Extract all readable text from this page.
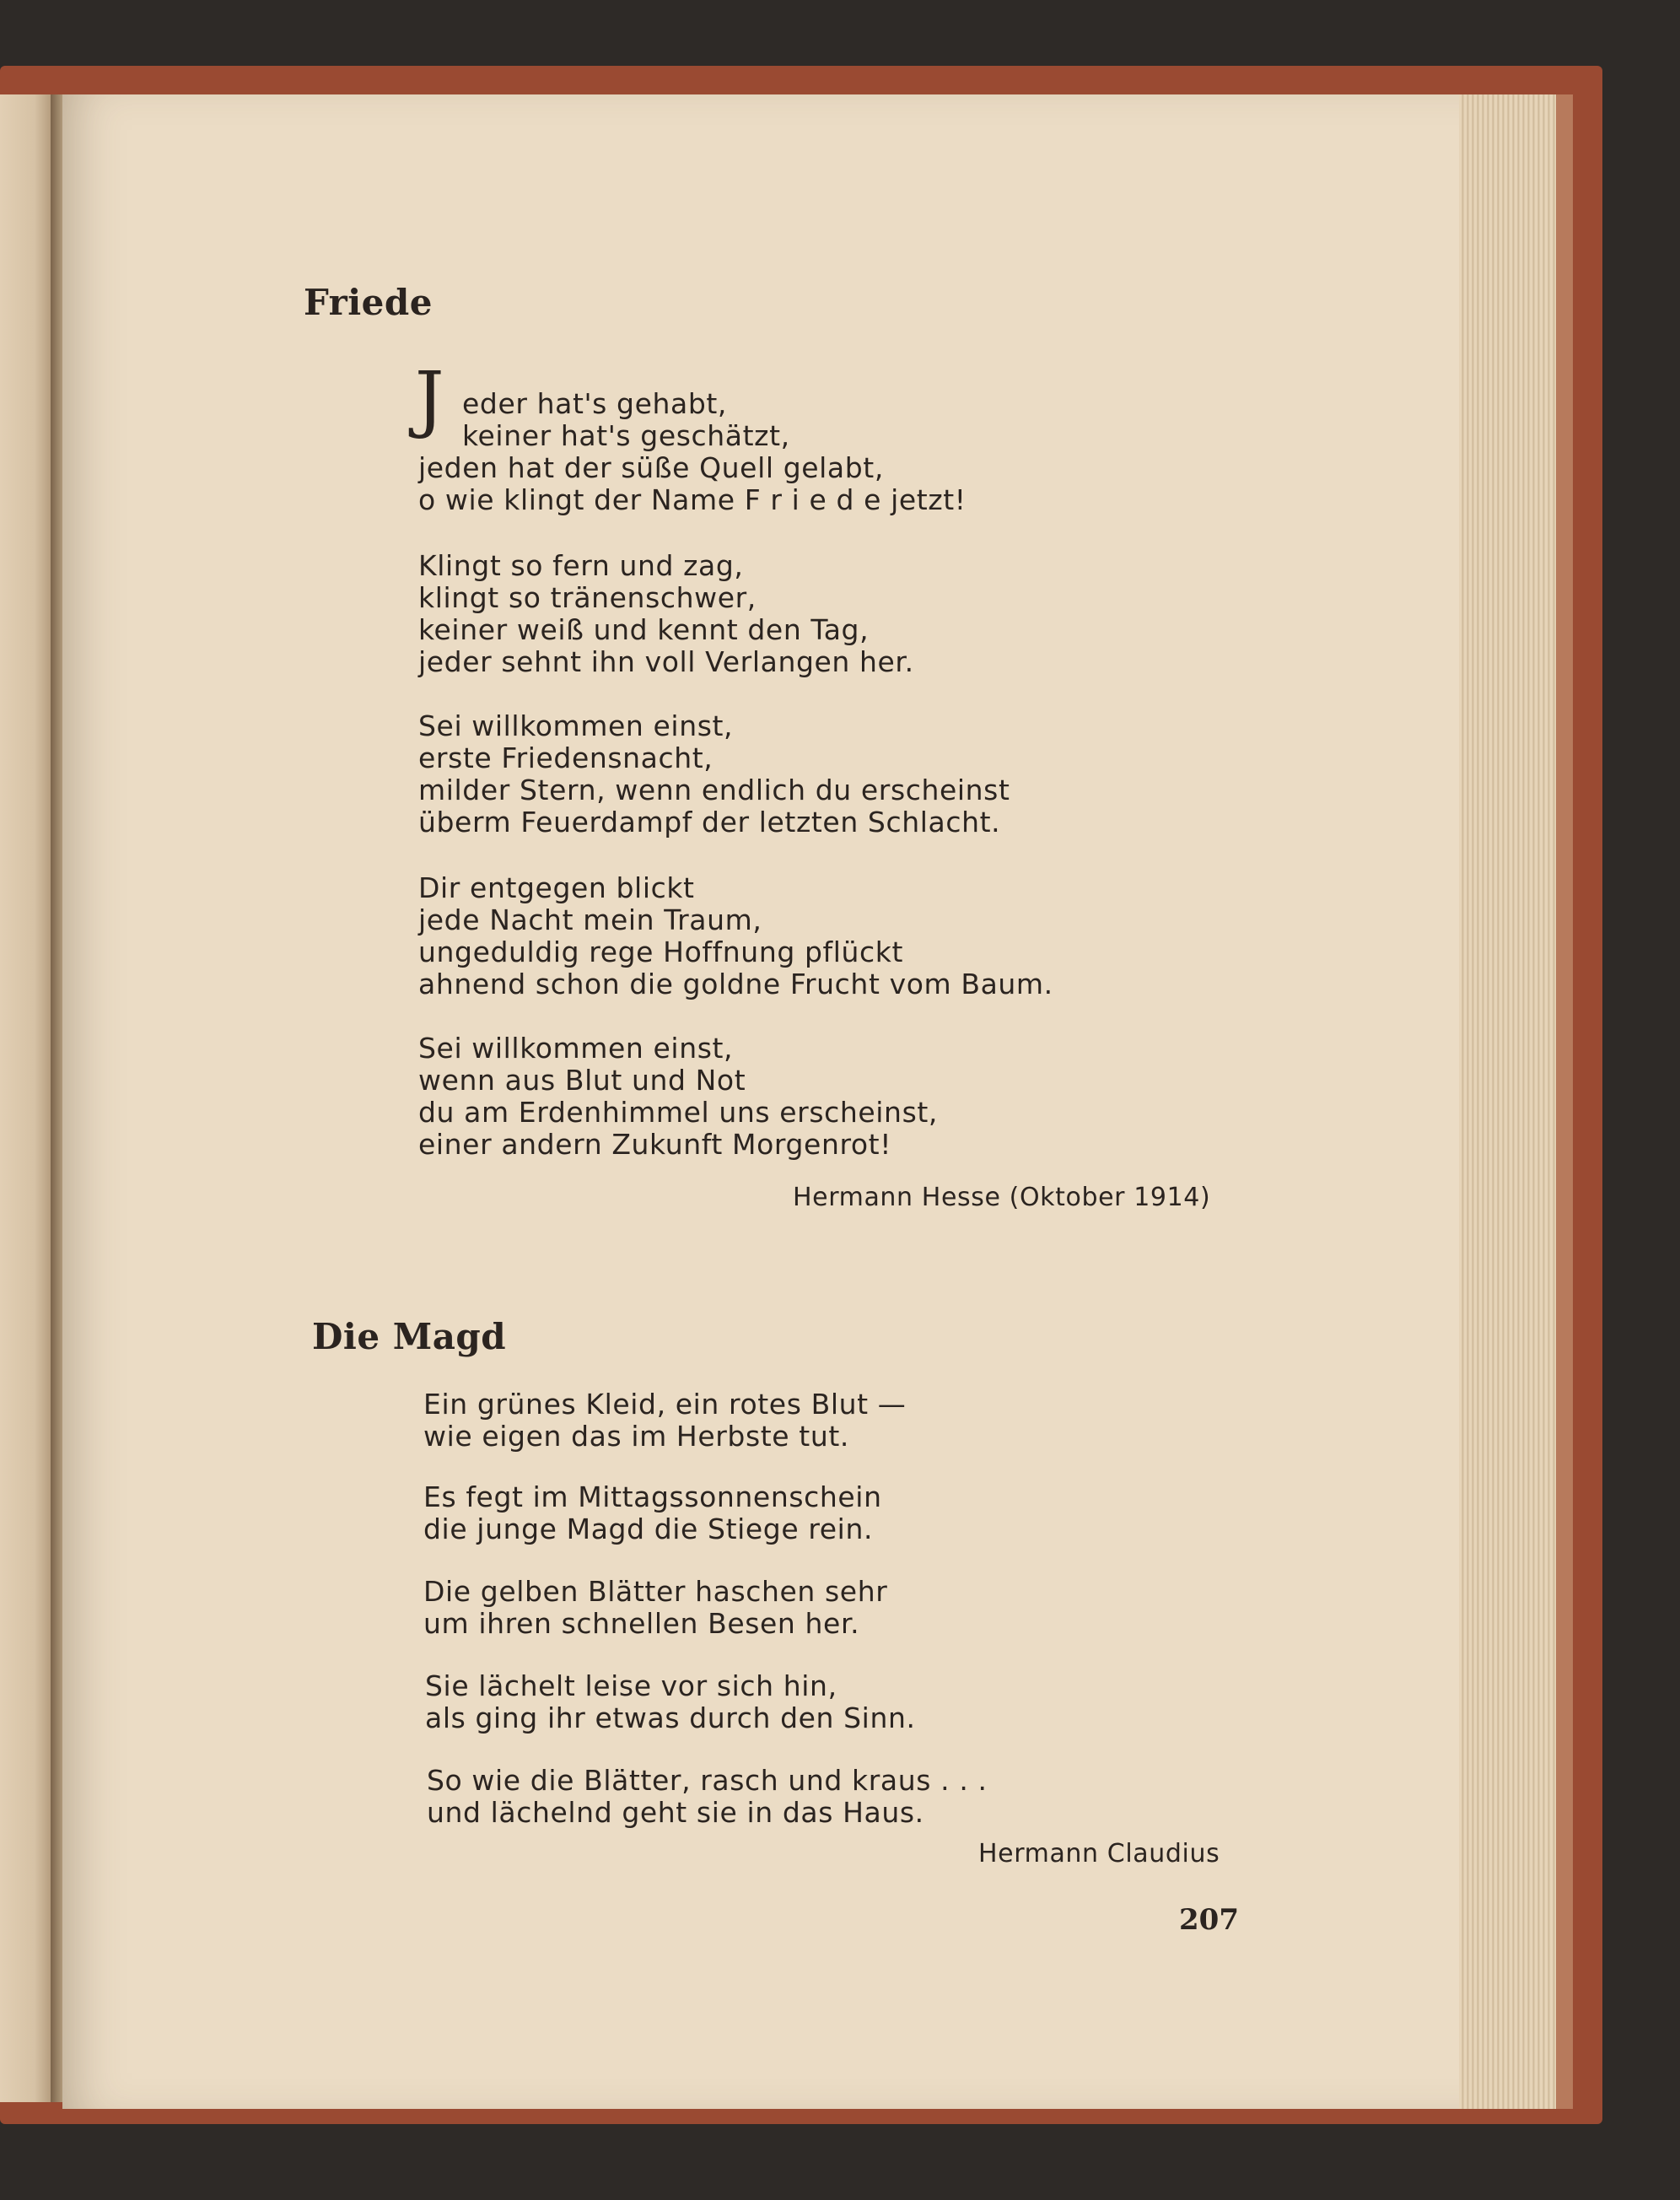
Friede
J eder hat's gehabt,
keiner hat's geschätzt,
jeden hat der süße Quell gelabt,
o wie klingt der Name F r i e d e jetzt!
Klingt so fern und zag,
klingt so tränenschwer,
keiner weiß und kennt den Tag,
jeder sehnt ihn voll Verlangen her.
Sei willkommen einst,
erste Friedensnacht,
milder Stern, wenn endlich du erscheinst
überm Feuerdampf der letzten Schlacht.
Dir entgegen blickt
jede Nacht mein Traum,
ungeduldig rege Hoffnung pflückt
ahnend schon die goldne Frucht vom Baum.
Sei willkommen einst,
wenn aus Blut und Not
du am Erdenhimmel uns erscheinst,
einer andern Zukunft Morgenrot!
Hermann Hesse (Oktober 1914)
Die Magd
Ein grünes Kleid, ein rotes Blut —
wie eigen das im Herbste tut.
Es fegt im Mittagssonnenschein
die junge Magd die Stiege rein.
Die gelben Blätter haschen sehr
um ihren schnellen Besen her.
Sie lächelt leise vor sich hin,
als ging ihr etwas durch den Sinn.
So wie die Blätter, rasch und kraus . . .
und lächelnd geht sie in das Haus.
Hermann Claudius
207
